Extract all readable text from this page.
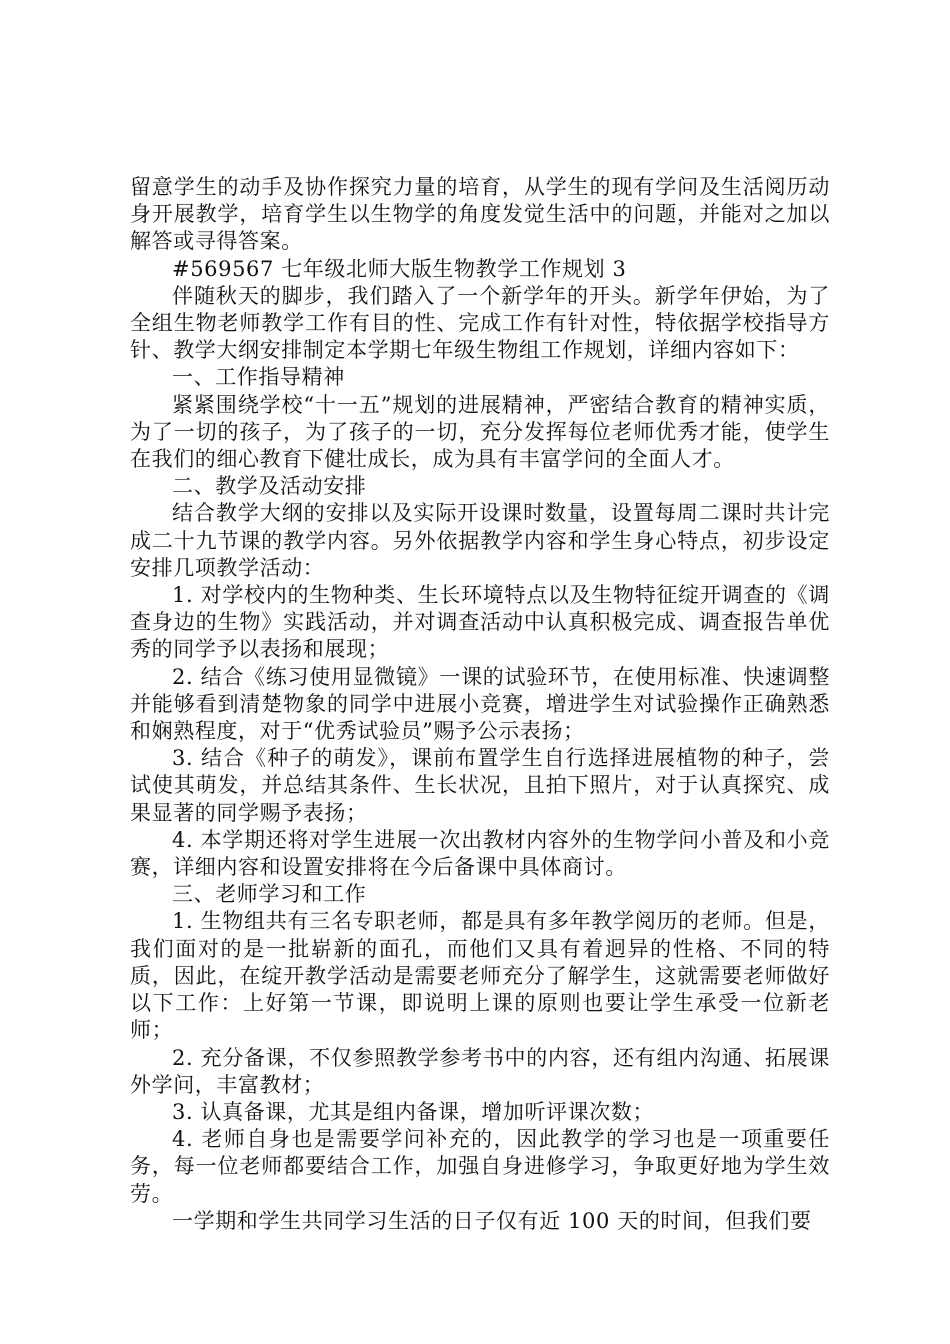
留意学生的动手及协作探究力量的培育，从学生的现有学问及生活阅历动身开展教学，培育学生以生物学的角度发觉生活中的问题，并能对之加以解答或寻得答案。

#569567 七年级北师大版生物教学工作规划 3

伴随秋天的脚步，我们踏入了一个新学年的开头。新学年伊始，为了全组生物老师教学工作有目的性、完成工作有针对性，特依据学校指导方针、教学大纲安排制定本学期七年级生物组工作规划，详细内容如下：

一、工作指导精神

紧紧围绕学校“十一五”规划的进展精神，严密结合教育的精神实质，为了一切的孩子，为了孩子的一切，充分发挥每位老师优秀才能，使学生在我们的细心教育下健壮成长，成为具有丰富学问的全面人才。

二、教学及活动安排

结合教学大纲的安排以及实际开设课时数量，设置每周二课时共计完成二十九节课的教学内容。另外依据教学内容和学生身心特点，初步设定安排几项教学活动：

1. 对学校内的生物种类、生长环境特点以及生物特征绽开调查的《调查身边的生物》实践活动，并对调查活动中认真积极完成、调查报告单优秀的同学予以表扬和展现；

2. 结合《练习使用显微镜》一课的试验环节，在使用标准、快速调整并能够看到清楚物象的同学中进展小竞赛，增进学生对试验操作正确熟悉和娴熟程度，对于“优秀试验员”赐予公示表扬；

3. 结合《种子的萌发》，课前布置学生自行选择进展植物的种子，尝试使其萌发，并总结其条件、生长状况，且拍下照片，对于认真探究、成果显著的同学赐予表扬；

4. 本学期还将对学生进展一次出教材内容外的生物学问小普及和小竞赛，详细内容和设置安排将在今后备课中具体商讨。

三、老师学习和工作

1. 生物组共有三名专职老师，都是具有多年教学阅历的老师。但是，我们面对的是一批崭新的面孔，而他们又具有着迥异的性格、不同的特质，因此，在绽开教学活动是需要老师充分了解学生，这就需要老师做好以下工作：上好第一节课，即说明上课的原则也要让学生承受一位新老师；

2. 充分备课，不仅参照教学参考书中的内容，还有组内沟通、拓展课外学问，丰富教材；

3. 认真备课，尤其是组内备课，增加听评课次数；

4. 老师自身也是需要学问补充的，因此教学的学习也是一项重要任务，每一位老师都要结合工作，加强自身进修学习，争取更好地为学生效劳。

一学期和学生共同学习生活的日子仅有近 100 天的时间，但我们要
